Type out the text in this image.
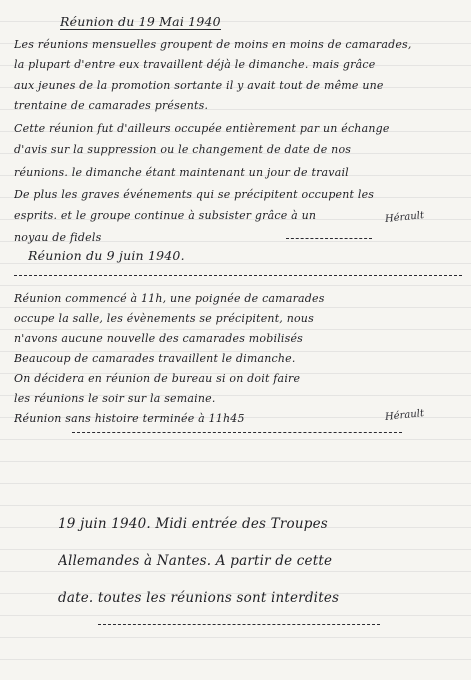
Réunion du 19 Mai 1940
Les réunions mensuelles groupent de moins en moins de camarades,
la plupart d'entre eux travaillent déjà le dimanche. mais grâce
aux jeunes de la promotion sortante il y avait tout de même une
trentaine de camarades présents.
Cette réunion fut d'ailleurs occupée entièrement par un échange
d'avis sur la suppression ou le changement de date de nos
réunions. le dimanche étant maintenant un jour de travail
De plus les graves événements qui se précipitent occupent les
esprits. et le groupe continue à subsister grâce à un
noyau de fidels
Hérault
Réunion du 9 juin 1940.
Réunion commencé à 11h, une poignée de camarades
occupe la salle, les évènements se précipitent, nous
n'avons aucune nouvelle des camarades mobilisés
Beaucoup de camarades travaillent le dimanche.
On décidera en réunion de bureau si on doit faire
les réunions le soir sur la semaine.
Réunion sans histoire terminée à 11h45	Hérault
19 juin 1940. Midi entrée des Troupes
Allemandes à Nantes. A partir de cette
date. toutes les réunions sont interdites
